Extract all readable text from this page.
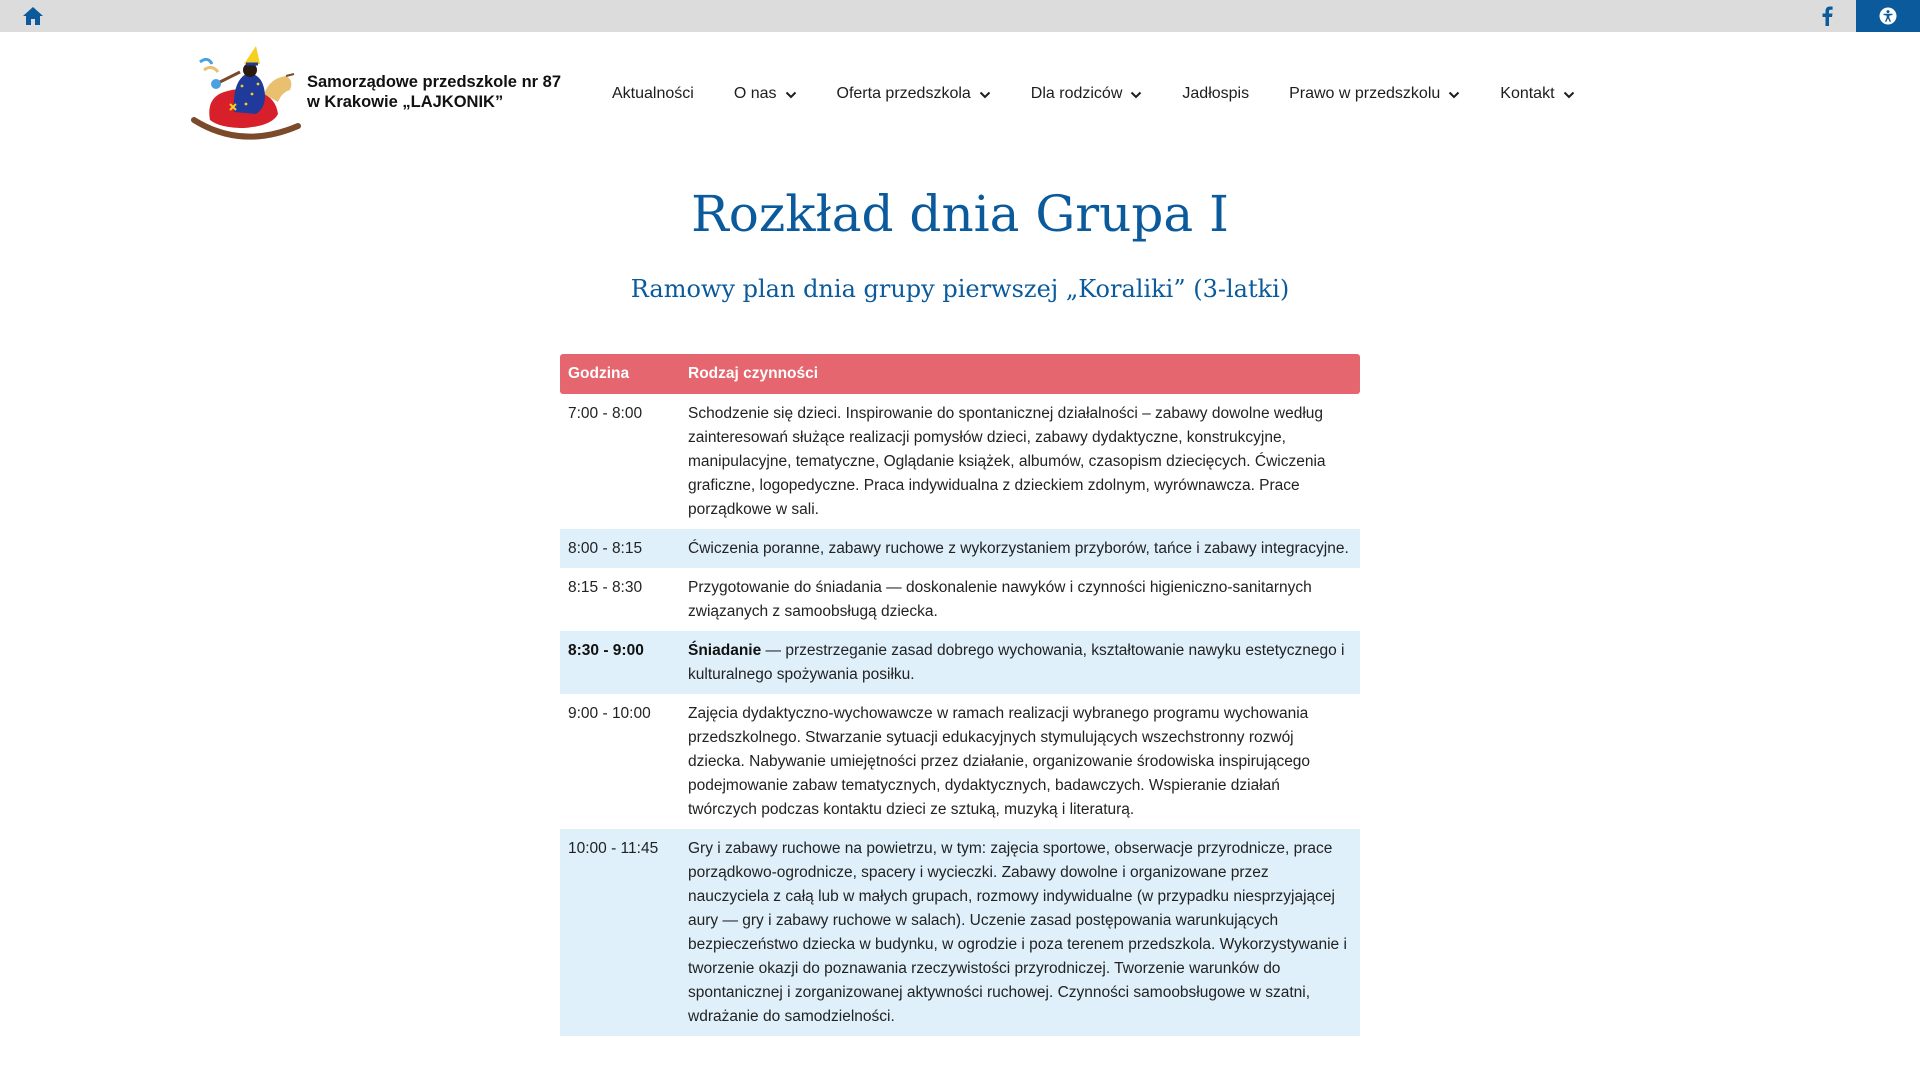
Samorządowe przedszkole nr 87
w Krakowie „LAJKONIK”	Aktualności	O nas	Oferta przedszkola	Dla rodziców	Jadłospis	Prawo w przedszkolu	Kontakt
Rozkład dnia Grupa I
Ramowy plan dnia grupy pierwszej „Koraliki” (3-latki)
Godzina	Rodzaj czynności
7:00 - 8:00	Schodzenie się dzieci. Inspirowanie do spontanicznej działalności – zabawy dowolne według zainteresowań służące realizacji pomysłów dzieci, zabawy dydaktyczne, konstrukcyjne, manipulacyjne, tematyczne, Oglądanie książek, albumów, czasopism dziecięcych. Ćwiczenia graficzne, logopedyczne. Praca indywidualna z dzieckiem zdolnym, wyrównawcza. Prace porządkowe w sali.
8:00 - 8:15	Ćwiczenia poranne, zabawy ruchowe z wykorzystaniem przyborów, tańce i zabawy integracyjne.
8:15 - 8:30	Przygotowanie do śniadania — doskonalenie nawyków i czynności higieniczno-sanitarnych związanych z samoobsługą dziecka.
8:30 - 9:00	Śniadanie — przestrzeganie zasad dobrego wychowania, kształtowanie nawyku estetycznego i kulturalnego spożywania posiłku.
9:00 - 10:00	Zajęcia dydaktyczno-wychowawcze w ramach realizacji wybranego programu wychowania przedszkolnego. Stwarzanie sytuacji edukacyjnych stymulujących wszechstronny rozwój dziecka. Nabywanie umiejętności przez działanie, organizowanie środowiska inspirującego podejmowanie zabaw tematycznych, dydaktycznych, badawczych. Wspieranie działań twórczych podczas kontaktu dzieci ze sztuką, muzyką i literaturą.
10:00 - 11:45	Gry i zabawy ruchowe na powietrzu, w tym: zajęcia sportowe, obserwacje przyrodnicze, prace porządkowo-ogrodnicze, spacery i wycieczki. Zabawy dowolne i organizowane przez nauczyciela z całą lub w małych grupach, rozmowy indywidualne (w przypadku niesprzyjającej aury — gry i zabawy ruchowe w salach). Uczenie zasad postępowania warunkujących bezpieczeństwo dziecka w budynku, w ogrodzie i poza terenem przedszkola. Wykorzystywanie i tworzenie okazji do poznawania rzeczywistości przyrodniczej. Tworzenie warunków do spontanicznej i zorganizowanej aktywności ruchowej. Czynności samoobsługowe w szatni, wdrażanie do samodzielności.
